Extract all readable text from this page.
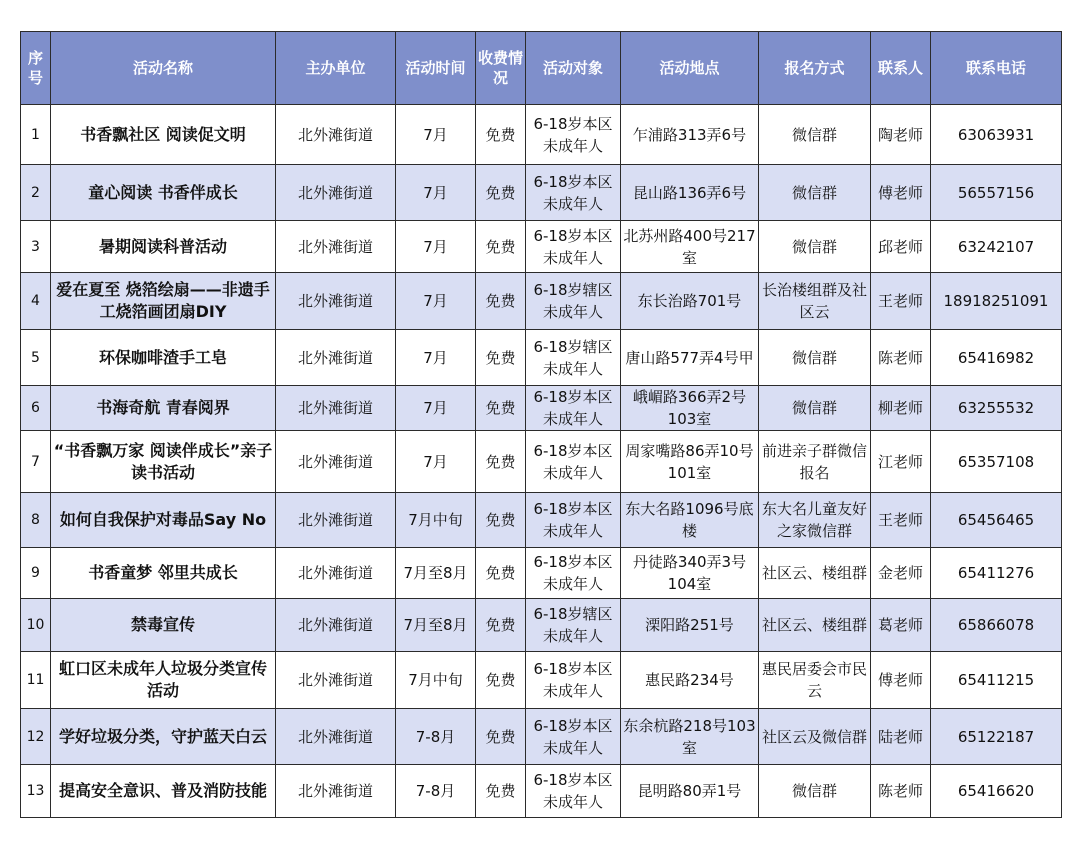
序号	活动名称	主办单位	活动时间	收费情况	活动对象	活动地点	报名方式	联系人	联系电话
1	书香飘社区 阅读促文明	北外滩街道	7月	免费	6-18岁本区未成年人	乍浦路313弄6号	微信群	陶老师	63063931
2	童心阅读 书香伴成长	北外滩街道	7月	免费	6-18岁本区未成年人	昆山路136弄6号	微信群	傅老师	56557156
3	暑期阅读科普活动	北外滩街道	7月	免费	6-18岁本区未成年人	北苏州路400号217室	微信群	邱老师	63242107
4	爱在夏至 烧箔绘扇——非遗手工烧箔画团扇DIY	北外滩街道	7月	免费	6-18岁辖区未成年人	东长治路701号	长治楼组群及社区云	王老师	18918251091
5	环保咖啡渣手工皂	北外滩街道	7月	免费	6-18岁辖区未成年人	唐山路577弄4号甲	微信群	陈老师	65416982
6	书海奇航 青春阅界	北外滩街道	7月	免费	6-18岁本区未成年人	峨嵋路366弄2号103室	微信群	柳老师	63255532
7	“书香飘万家 阅读伴成长”亲子读书活动	北外滩街道	7月	免费	6-18岁本区未成年人	周家嘴路86弄10号101室	前进亲子群微信报名	江老师	65357108
8	如何自我保护对毒品Say No	北外滩街道	7月中旬	免费	6-18岁本区未成年人	东大名路1096号底楼	东大名儿童友好之家微信群	王老师	65456465
9	书香童梦 邻里共成长	北外滩街道	7月至8月	免费	6-18岁本区未成年人	丹徒路340弄3号104室	社区云、楼组群	金老师	65411276
10	禁毒宣传	北外滩街道	7月至8月	免费	6-18岁辖区未成年人	溧阳路251号	社区云、楼组群	葛老师	65866078
11	虹口区未成年人垃圾分类宣传活动	北外滩街道	7月中旬	免费	6-18岁本区未成年人	惠民路234号	惠民居委会市民云	傅老师	65411215
12	学好垃圾分类，守护蓝天白云	北外滩街道	7-8月	免费	6-18岁本区未成年人	东余杭路218号103室	社区云及微信群	陆老师	65122187
13	提高安全意识、普及消防技能	北外滩街道	7-8月	免费	6-18岁本区未成年人	昆明路80弄1号	微信群	陈老师	65416620
